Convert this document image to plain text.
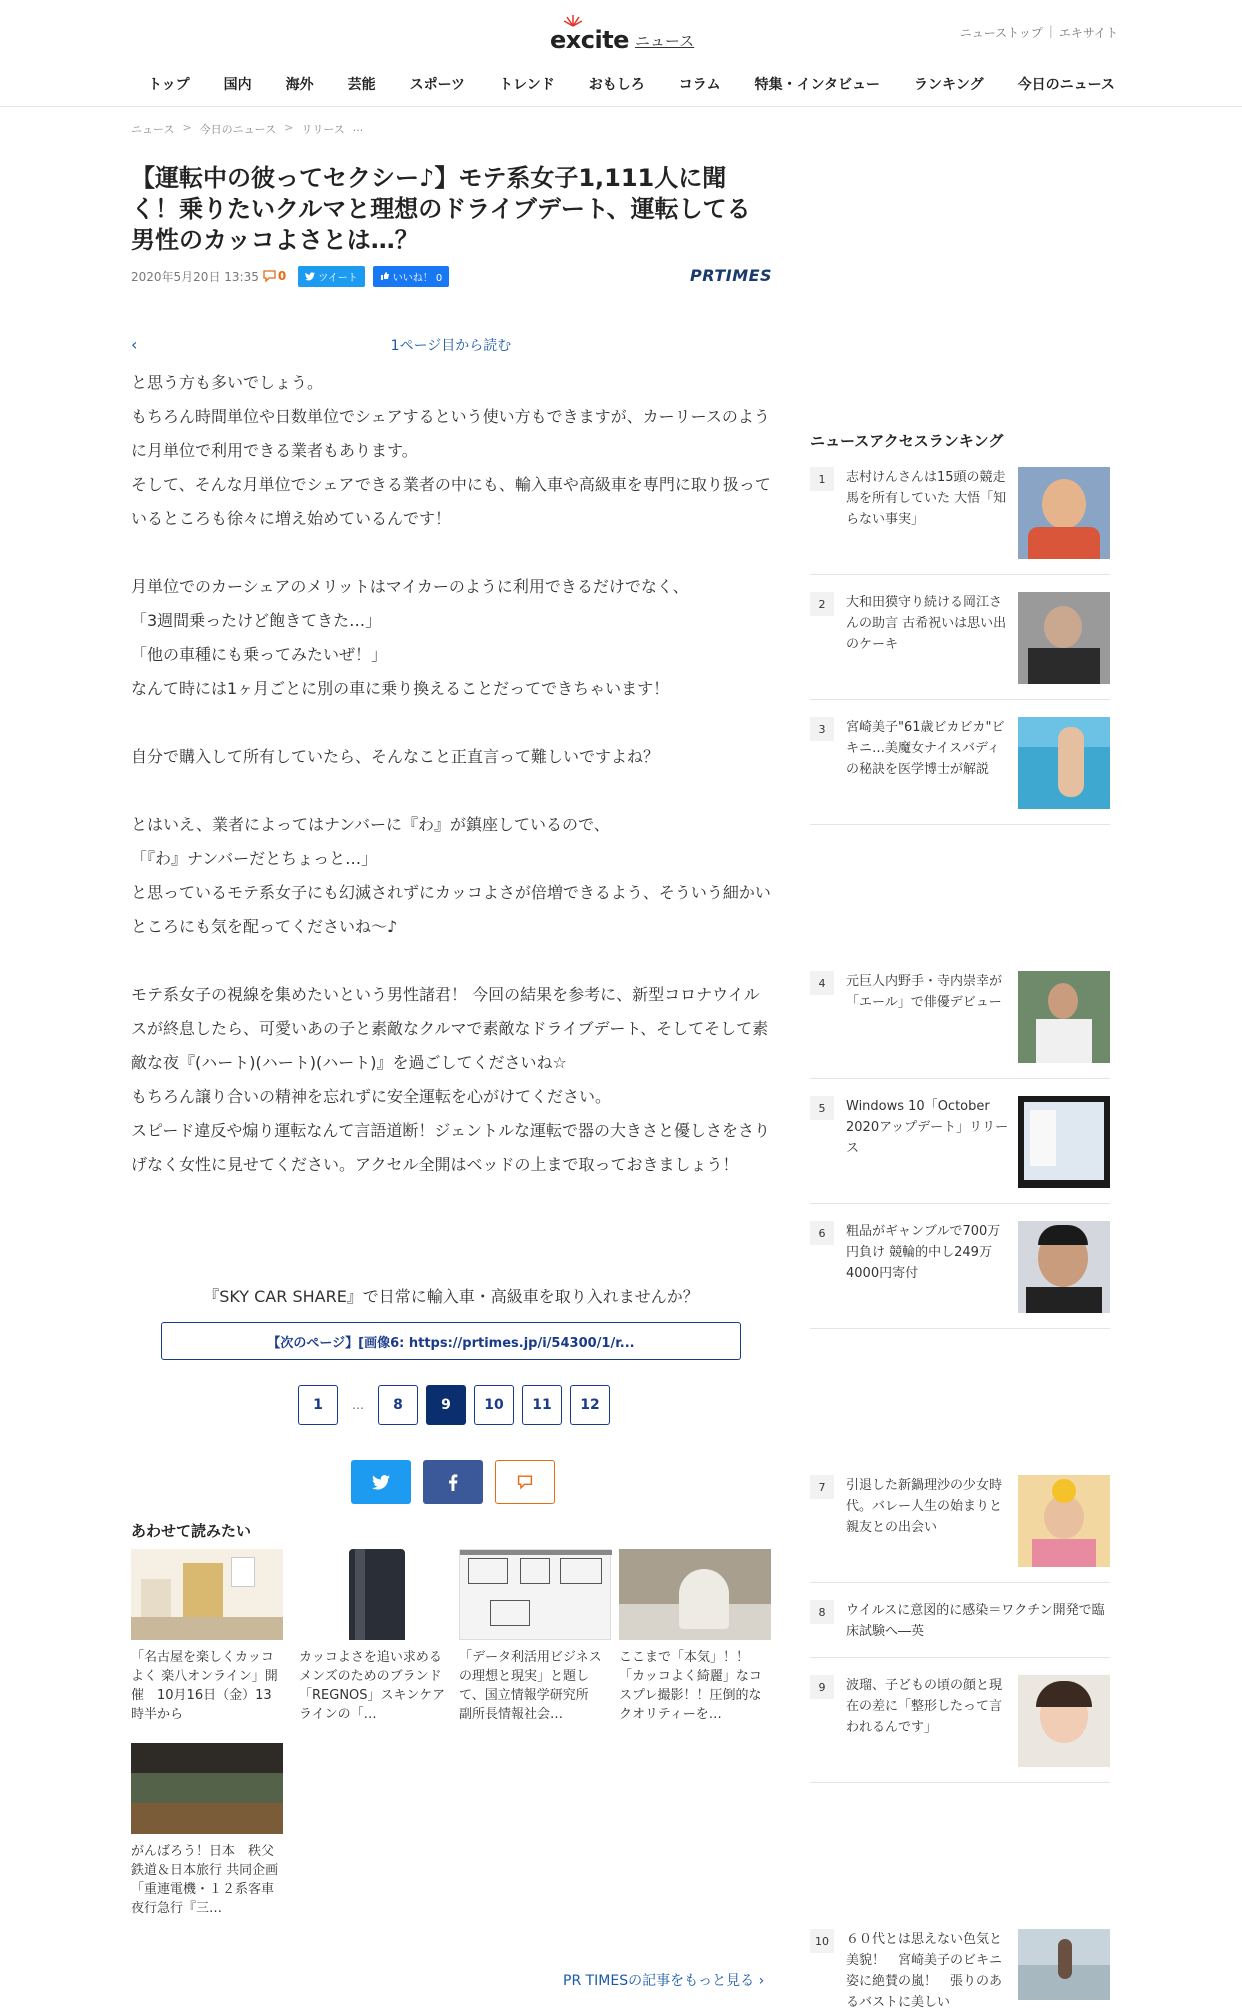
excite ニュース	ニューストップ | エキサイト
トップ	国内	海外	芸能	スポーツ	トレンド	おもしろ	コラム	特集・インタビュー	ランキング	今日のニュース
ニュース > 今日のニュース > リリース ...
【運転中の彼ってセクシー♪】モテ系女子1,111人に聞く！乗りたいクルマと理想のドライブデート、運転してる男性のカッコよさとは…？
2020年5月20日 13:35 0	ツイート	いいね！ 0	PRTIMES
‹	1ページ目から読む

と思う方も多いでしょう。

もちろん時間単位や日数単位でシェアするという使い方もできますが、カーリースのように月単位で利用できる業者もあります。

そして、そんな月単位でシェアできる業者の中にも、輸入車や高級車を専門に取り扱っているところも徐々に増え始めているんです！

月単位でのカーシェアのメリットはマイカーのように利用できるだけでなく、

「3週間乗ったけど飽きてきた…」

「他の車種にも乗ってみたいぜ！」

なんて時には1ヶ月ごとに別の車に乗り換えることだってできちゃいます！

自分で購入して所有していたら、そんなこと正直言って難しいですよね？

とはいえ、業者によってはナンバーに『わ』が鎮座しているので、

「『わ』ナンバーだとちょっと…」

と思っているモテ系女子にも幻滅されずにカッコよさが倍増できるよう、そういう細かいところにも気を配ってくださいね～♪

モテ系女子の視線を集めたいという男性諸君！ 今回の結果を参考に、新型コロナウイルスが終息したら、可愛いあの子と素敵なクルマで素敵なドライブデート、そしてそして素敵な夜『(ハート)(ハート)(ハート)』を過ごしてくださいね☆

もちろん譲り合いの精神を忘れずに安全運転を心がけてください。

スピード違反や煽り運転なんて言語道断！ジェントルな運転で器の大きさと優しさをさりげなく女性に見せてください。アクセル全開はベッドの上まで取っておきましょう！

『SKY CAR SHARE』で日常に輸入車・高級車を取り入れませんか？

【次のページ】[画像6: https://prtimes.jp/i/54300/1/r...
1	…	8	9	10	11	12
あわせて読みたい

「名古屋を楽しくカッコよく 楽八オンライン」開催　10月16日（金）13時半から

カッコよさを追い求めるメンズのためのブランド「REGNOS」スキンケアラインの「…

「データ利活用ビジネスの理想と現実」と題して、国立情報学研究所　副所長情報社会…

ここまで「本気」！！「カッコよく綺麗」なコスプレ撮影！！圧倒的なクオリティーを…

がんばろう！日本　秩父鉄道＆日本旅行 共同企画「重連電機・１２系客車 夜行急行『三…

PR TIMESの記事をもっと見る ›
ニュースアクセスランキング
1	志村けんさんは15頭の競走馬を所有していた 大悟「知らない事実」
2	大和田獏守り続ける岡江さんの助言 古希祝いは思い出のケーキ
3	宮崎美子"61歳ビカビカ"ビキニ…美魔女ナイスバディの秘訣を医学博士が解説
4	元巨人内野手・寺内崇幸が「エール」で俳優デビュー
5	Windows 10「October 2020アップデート」リリース
6	粗品がギャンブルで700万円負け 競輪的中し249万4000円寄付
7	引退した新鍋理沙の少女時代。バレー人生の始まりと親友との出会い
8	ウイルスに意図的に感染＝ワクチン開発で臨床試験へ―英
9	波瑠、子どもの頃の顔と現在の差に「整形したって言われるんです」
10	６０代とは思えない色気と美貌！　宮崎美子のビキニ姿に絶賛の嵐！　張りのあるバストに美しい
